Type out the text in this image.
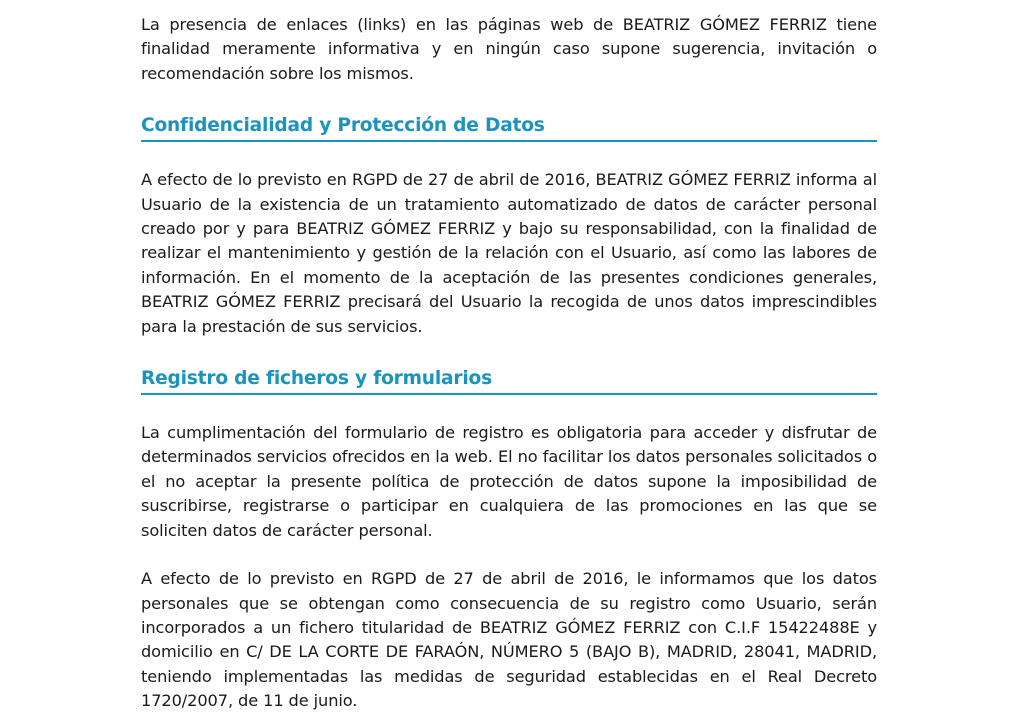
La presencia de enlaces (links) en las páginas web de BEATRIZ GÓMEZ FERRIZ tiene finalidad meramente informativa y en ningún caso supone sugerencia, invitación o recomendación sobre los mismos.

Confidencialidad y Protección de Datos

A efecto de lo previsto en RGPD de 27 de abril de 2016, BEATRIZ GÓMEZ FERRIZ informa al Usuario de la existencia de un tratamiento automatizado de datos de carácter personal creado por y para BEATRIZ GÓMEZ FERRIZ y bajo su responsabilidad, con la finalidad de realizar el mantenimiento y gestión de la relación con el Usuario, así como las labores de información. En el momento de la aceptación de las presentes condiciones generales, BEATRIZ GÓMEZ FERRIZ precisará del Usuario la recogida de unos datos imprescindibles para la prestación de sus servicios.

Registro de ficheros y formularios

La cumplimentación del formulario de registro es obligatoria para acceder y disfrutar de determinados servicios ofrecidos en la web. El no facilitar los datos personales solicitados o el no aceptar la presente política de protección de datos supone la imposibilidad de suscribirse, registrarse o participar en cualquiera de las promociones en las que se soliciten datos de carácter personal.

A efecto de lo previsto en RGPD de 27 de abril de 2016, le informamos que los datos personales que se obtengan como consecuencia de su registro como Usuario, serán incorporados a un fichero titularidad de BEATRIZ GÓMEZ FERRIZ con C.I.F 15422488E y domicilio en C/ DE LA CORTE DE FARAÓN, NÚMERO 5 (BAJO B), MADRID, 28041, MADRID, teniendo implementadas las medidas de seguridad establecidas en el Real Decreto 1720/2007, de 11 de junio.
